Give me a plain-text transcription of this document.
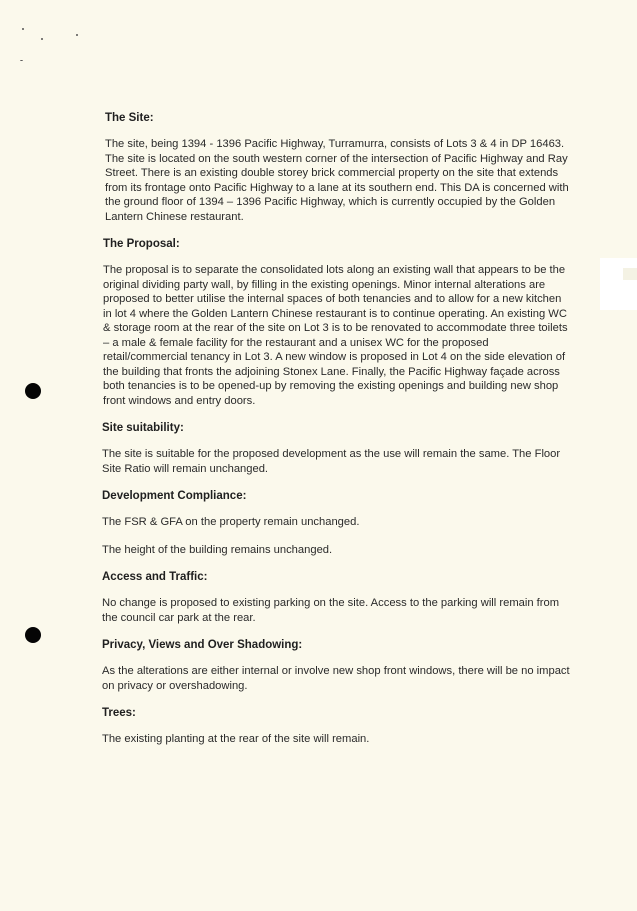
The Site:

The site, being 1394 - 1396 Pacific Highway, Turramurra, consists of Lots 3 & 4 in DP 16463. The site is located on the south western corner of the intersection of Pacific Highway and Ray Street. There is an existing double storey brick commercial property on the site that extends from its frontage onto Pacific Highway to a lane at its southern end. This DA is concerned with the ground floor of 1394 – 1396 Pacific Highway, which is currently occupied by the Golden Lantern Chinese restaurant.

The Proposal:

The proposal is to separate the consolidated lots along an existing wall that appears to be the original dividing party wall, by filling in the existing openings. Minor internal alterations are proposed to better utilise the internal spaces of both tenancies and to allow for a new kitchen in lot 4 where the Golden Lantern Chinese restaurant is to continue operating. An existing WC & storage room at the rear of the site on Lot 3 is to be renovated to accommodate three toilets – a male & female facility for the restaurant and a unisex WC for the proposed retail/commercial tenancy in Lot 3. A new window is proposed in Lot 4 on the side elevation of the building that fronts the adjoining Stonex Lane. Finally, the Pacific Highway façade across both tenancies is to be opened-up by removing the existing openings and building new shop front windows and entry doors.

Site suitability:

The site is suitable for the proposed development as the use will remain the same. The Floor Site Ratio will remain unchanged.

Development Compliance:

The FSR & GFA on the property remain unchanged.

The height of the building remains unchanged.

Access and Traffic:

No change is proposed to existing parking on the site. Access to the parking will remain from the council car park at the rear.

Privacy, Views and Over Shadowing:

As the alterations are either internal or involve new shop front windows, there will be no impact on privacy or overshadowing.

Trees:

The existing planting at the rear of the site will remain.
